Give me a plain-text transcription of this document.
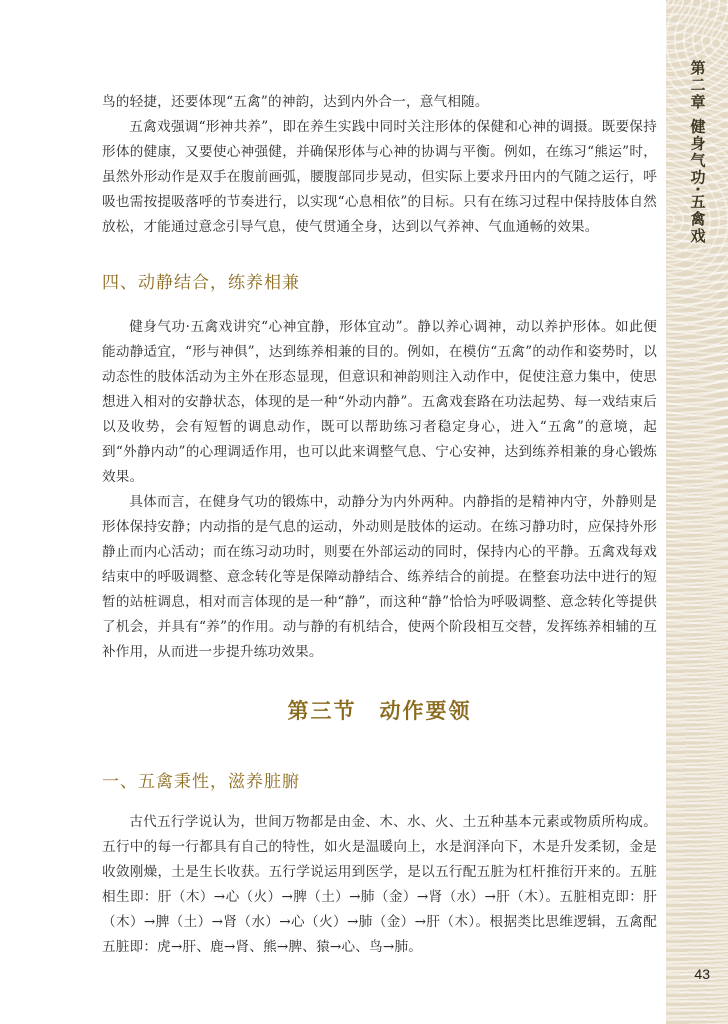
第二章 健身气功·五禽戏

鸟的轻捷，还要体现“五禽”的神韵，达到内外合一，意气相随。

五禽戏强调“形神共养”，即在养生实践中同时关注形体的保健和心神的调摄。既要保持形体的健康，又要使心神强健，并确保形体与心神的协调与平衡。例如，在练习“熊运”时，虽然外形动作是双手在腹前画弧，腰腹部同步晃动，但实际上要求丹田内的气随之运行，呼吸也需按提吸落呼的节奏进行，以实现“心息相依”的目标。只有在练习过程中保持肢体自然放松，才能通过意念引导气息，使气贯通全身，达到以气养神、气血通畅的效果。

四、动静结合，练养相兼

健身气功·五禽戏讲究“心神宜静，形体宜动”。静以养心调神，动以养护形体。如此便能动静适宜，“形与神俱”，达到练养相兼的目的。例如，在模仿“五禽”的动作和姿势时，以动态性的肢体活动为主外在形态显现，但意识和神韵则注入动作中，促使注意力集中，使思想进入相对的安静状态，体现的是一种“外动内静”。五禽戏套路在功法起势、每一戏结束后以及收势，会有短暂的调息动作，既可以帮助练习者稳定身心，进入“五禽”的意境，起到“外静内动”的心理调适作用，也可以此来调整气息、宁心安神，达到练养相兼的身心锻炼效果。

具体而言，在健身气功的锻炼中，动静分为内外两种。内静指的是精神内守，外静则是形体保持安静；内动指的是气息的运动，外动则是肢体的运动。在练习静功时，应保持外形静止而内心活动；而在练习动功时，则要在外部运动的同时，保持内心的平静。五禽戏每戏结束中的呼吸调整、意念转化等是保障动静结合、练养结合的前提。在整套功法中进行的短暂的站桩调息，相对而言体现的是一种“静”，而这种“静”恰恰为呼吸调整、意念转化等提供了机会，并具有“养”的作用。动与静的有机结合，使两个阶段相互交替，发挥练养相辅的互补作用，从而进一步提升练功效果。

第三节　动作要领
一、五禽秉性，滋养脏腑

古代五行学说认为，世间万物都是由金、木、水、火、土五种基本元素或物质所构成。五行中的每一行都具有自己的特性，如火是温暖向上，水是润泽向下，木是升发柔韧，金是收敛刚燥，土是生长收获。五行学说运用到医学，是以五行配五脏为杠杆推衍开来的。五脏相生即：肝（木）→心（火）→脾（土）→肺（金）→肾（水）→肝（木）。五脏相克即：肝（木）→脾（土）→肾（水）→心（火）→肺（金）→肝（木）。根据类比思维逻辑，五禽配五脏即：虎→肝、鹿→肾、熊→脾、猿→心、鸟→肺。

43
